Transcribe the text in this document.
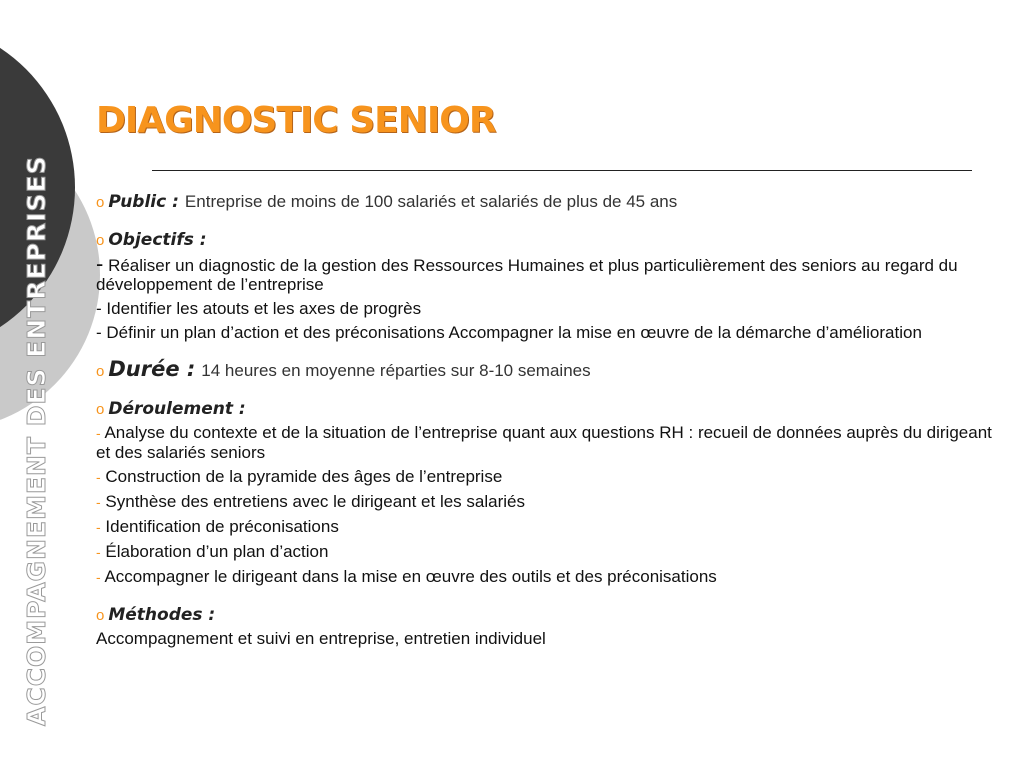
ACCOMPAGNEMENT DES ENTREPRISES
DIAGNOSTIC SENIOR
o Public : Entreprise de moins de 100 salariés et salariés de plus de 45 ans
o Objectifs :
- Réaliser un diagnostic de la gestion des Ressources Humaines et plus particulièrement des seniors au regard du développement de l’entreprise
- Identifier les atouts et les axes de progrès
- Définir un plan d’action et des préconisations Accompagner la mise en œuvre de la démarche d’amélioration
o Durée : 14 heures en moyenne réparties sur 8-10 semaines
o Déroulement :
- Analyse du contexte et de la situation de l’entreprise quant aux questions RH : recueil de données auprès du dirigeant et des salariés seniors
- Construction de la pyramide des âges de l’entreprise
- Synthèse des entretiens avec le dirigeant et les salariés
- Identification de préconisations
- Élaboration d’un plan d’action
- Accompagner le dirigeant dans la mise en œuvre des outils et des préconisations
o Méthodes :
Accompagnement et suivi en entreprise, entretien individuel
